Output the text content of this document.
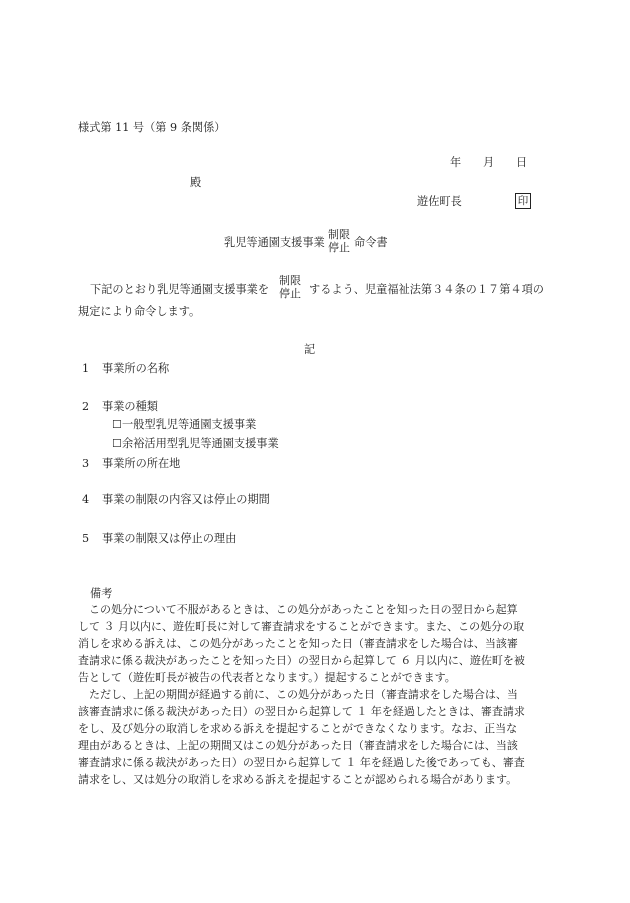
様式第 11 号（第 9 条関係）
年 月 日
殿
遊佐町長	印
乳児等通園支援事業
制限
停止 命令書
下記のとおり乳児等通園支援事業を
制限
停止 するよう、児童福祉法第３４条の１７第４項の
規定により命令します。
記
1 事業所の名称
2 事業の種類
☐一般型乳児等通園支援事業
☐余裕活用型乳児等通園支援事業
3 事業所の所在地
4 事業の制限の内容又は停止の期間
5 事業の制限又は停止の理由
備考

この処分について不服があるときは、この処分があったことを知った日の翌日から起算

して ３ 月以内に、遊佐町長に対して審査請求をすることができます。また、この処分の取

消しを求める訴えは、この処分があったことを知った日（審査請求をした場合は、当該審

査請求に係る裁決があったことを知った日）の翌日から起算して ６ 月以内に、遊佐町を被

告として（遊佐町長が被告の代表者となります。）提起することができます。

ただし、上記の期間が経過する前に、この処分があった日（審査請求をした場合は、当

該審査請求に係る裁決があった日）の翌日から起算して １ 年を経過したときは、審査請求

をし、及び処分の取消しを求める訴えを提起することができなくなります。なお、正当な

理由があるときは、上記の期間又はこの処分があった日（審査請求をした場合には、当該

審査請求に係る裁決があった日）の翌日から起算して １ 年を経過した後であっても、審査

請求をし、又は処分の取消しを求める訴えを提起することが認められる場合があります。
